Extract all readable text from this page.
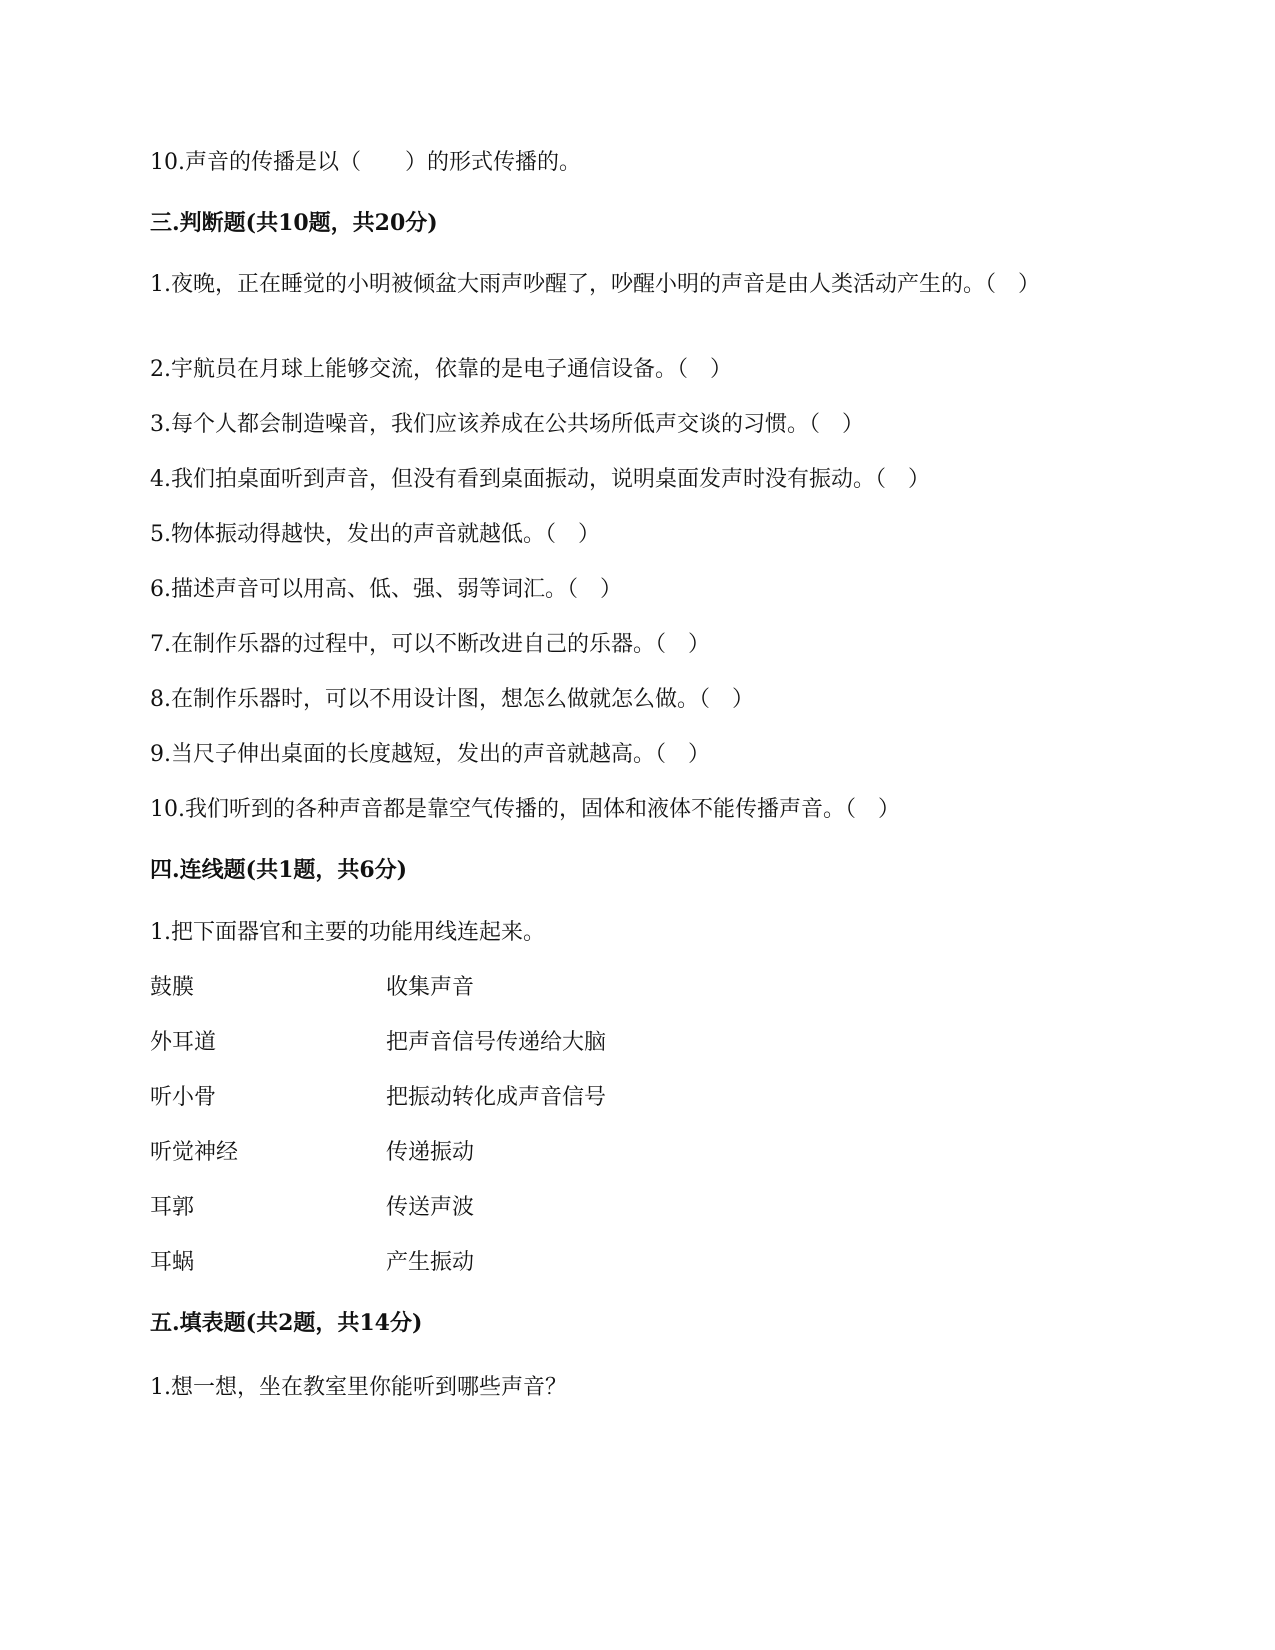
10.声音的传播是以（　　）的形式传播的。
三.判断题(共10题，共20分)
1.夜晚，正在睡觉的小明被倾盆大雨声吵醒了，吵醒小明的声音是由人类活动产生的。（　）
2.宇航员在月球上能够交流，依靠的是电子通信设备。（　）
3.每个人都会制造噪音，我们应该养成在公共场所低声交谈的习惯。（　）
4.我们拍桌面听到声音，但没有看到桌面振动，说明桌面发声时没有振动。（　）
5.物体振动得越快，发出的声音就越低。（　）
6.描述声音可以用高、低、强、弱等词汇。（　）
7.在制作乐器的过程中，可以不断改进自己的乐器。（　）
8.在制作乐器时，可以不用设计图，想怎么做就怎么做。（　）
9.当尺子伸出桌面的长度越短，发出的声音就越高。（　）
10.我们听到的各种声音都是靠空气传播的，固体和液体不能传播声音。（　）
四.连线题(共1题，共6分)
1.把下面器官和主要的功能用线连起来。
鼓膜	收集声音
外耳道	把声音信号传递给大脑
听小骨	把振动转化成声音信号
听觉神经	传递振动
耳郭	传送声波
耳蜗	产生振动
五.填表题(共2题，共14分)
1.想一想，坐在教室里你能听到哪些声音？
